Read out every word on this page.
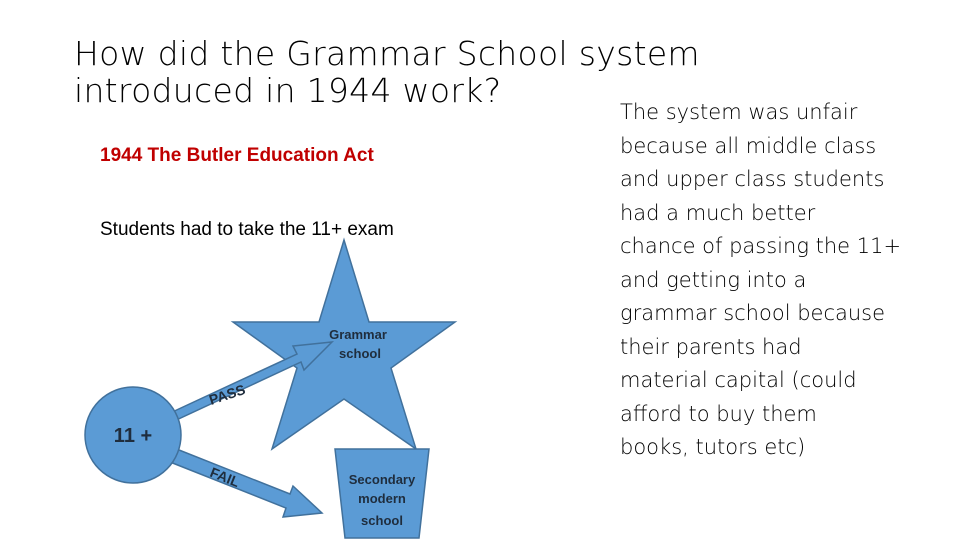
How did the Grammar School system
introduced in 1944 work?
1944 The Butler Education Act
Students had to take the 11+ exam
The system was unfair
because all middle class
and upper class students
had a much better
chance of passing the 11+
and getting into a
grammar school because
their parents had
material capital (could
afford to buy them
books, tutors etc)
Grammar
school
PASS
FAIL
11 +
Secondary
modern
school
